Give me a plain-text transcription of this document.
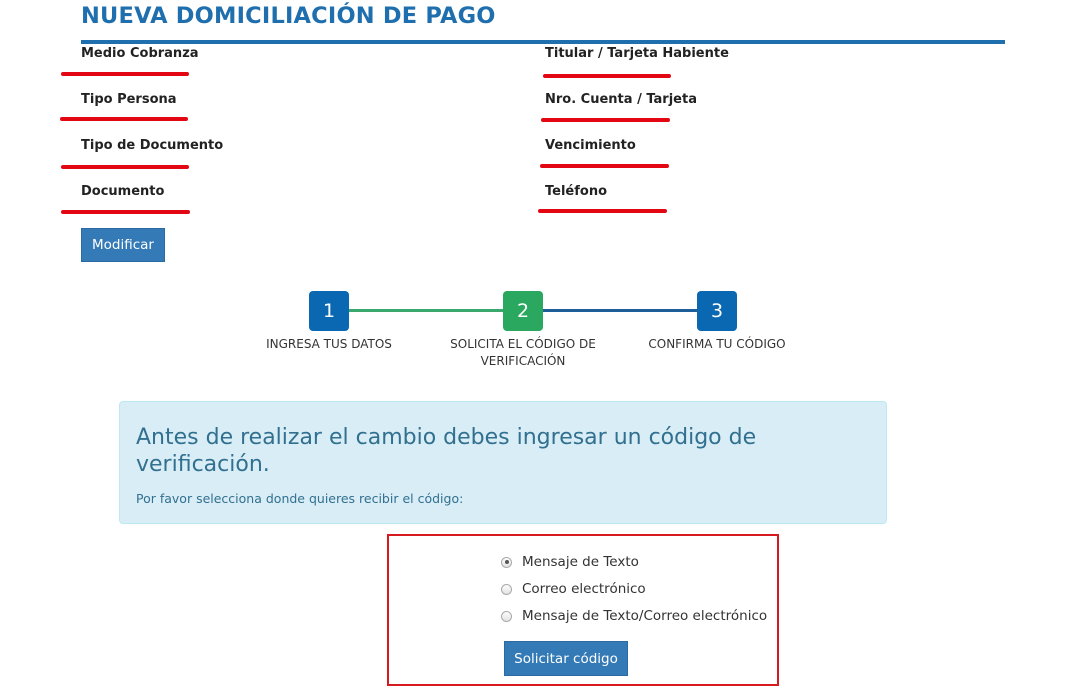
NUEVA DOMICILIACIÓN DE PAGO
Medio Cobranza
Tipo Persona
Tipo de Documento
Documento
Titular / Tarjeta Habiente
Nro. Cuenta / Tarjeta
Vencimiento
Teléfono
Modificar
1	2	3
INGRESA TUS DATOS	SOLICITA EL CÓDIGO DE VERIFICACIÓN
CONFIRMA TU CÓDIGO
Antes de realizar el cambio debes ingresar un código de verificación.
Por favor selecciona donde quieres recibir el código:
Mensaje de Texto
Correo electrónico
Mensaje de Texto/Correo electrónico
Solicitar código
